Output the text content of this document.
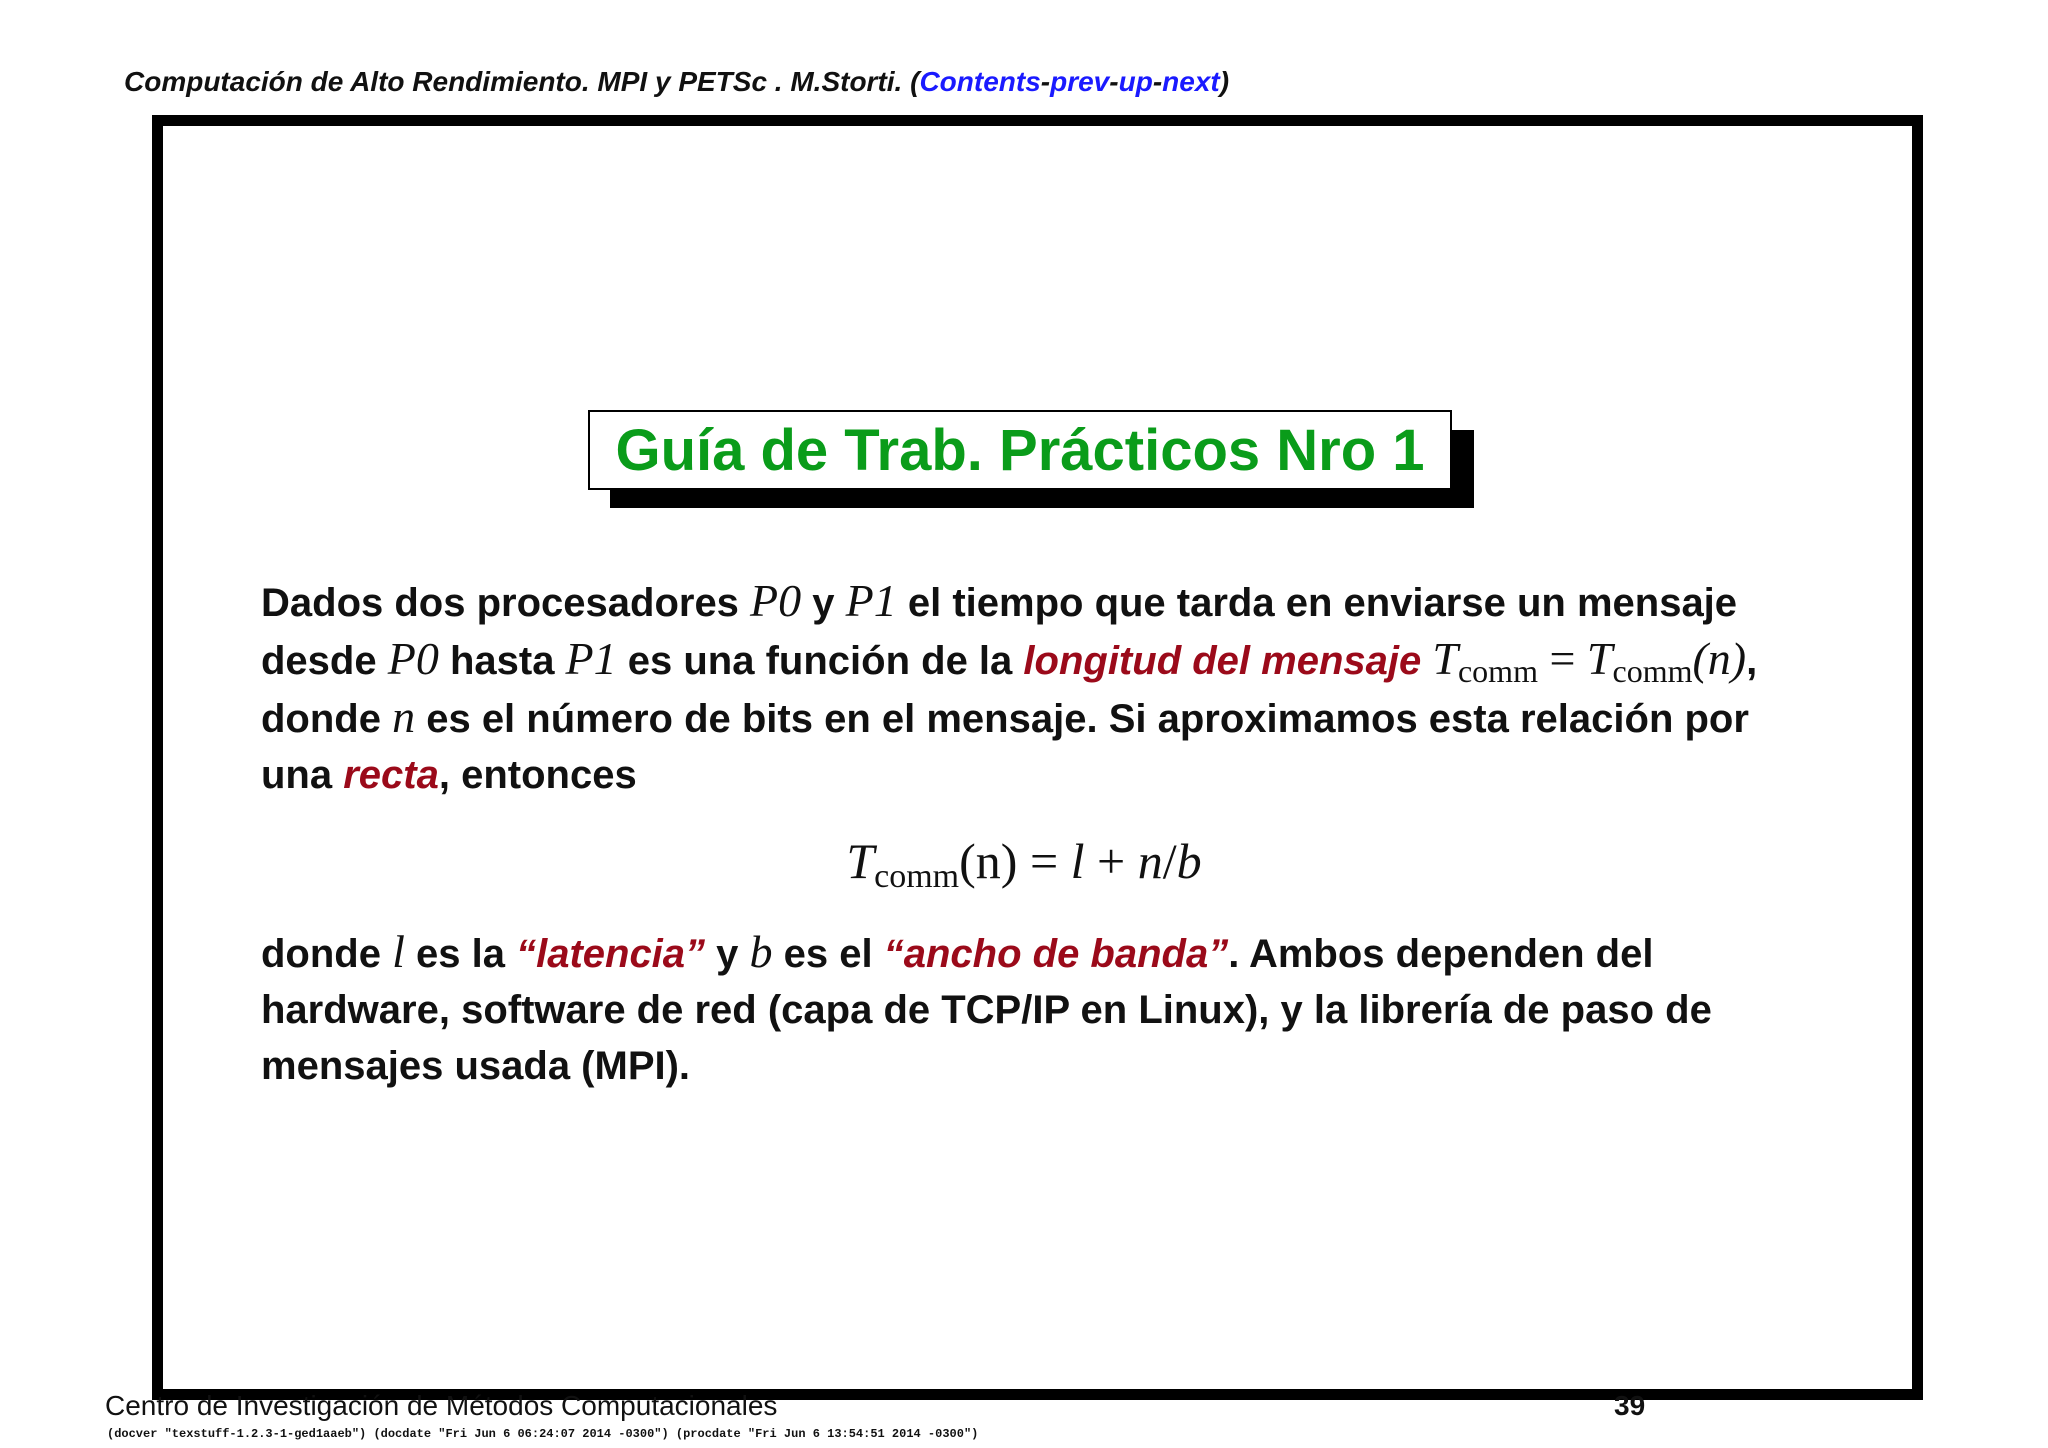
Computación de Alto Rendimiento. MPI y PETSc . M.Storti. (Contents-prev-up-next)
Guía de Trab. Prácticos Nro 1
Dados dos procesadores P0 y P1 el tiempo que tarda en enviarse un mensaje desde P0 hasta P1 es una función de la longitud del mensaje $T_{comm} = T_{comm}(n)$, donde n es el número de bits en el mensaje. Si aproximamos esta relación por una recta, entonces
$T_{comm}(n) = l + n/b$
donde l es la “latencia” y b es el “ancho de banda”. Ambos dependen del hardware, software de red (capa de TCP/IP en Linux), y la librería de paso de mensajes usada (MPI).
Centro de Investigación de Métodos Computacionales	39
(docver "texstuff-1.2.3-1-ged1aaeb") (docdate "Fri Jun 6 06:24:07 2014 -0300") (procdate "Fri Jun 6 13:54:51 2014 -0300")
